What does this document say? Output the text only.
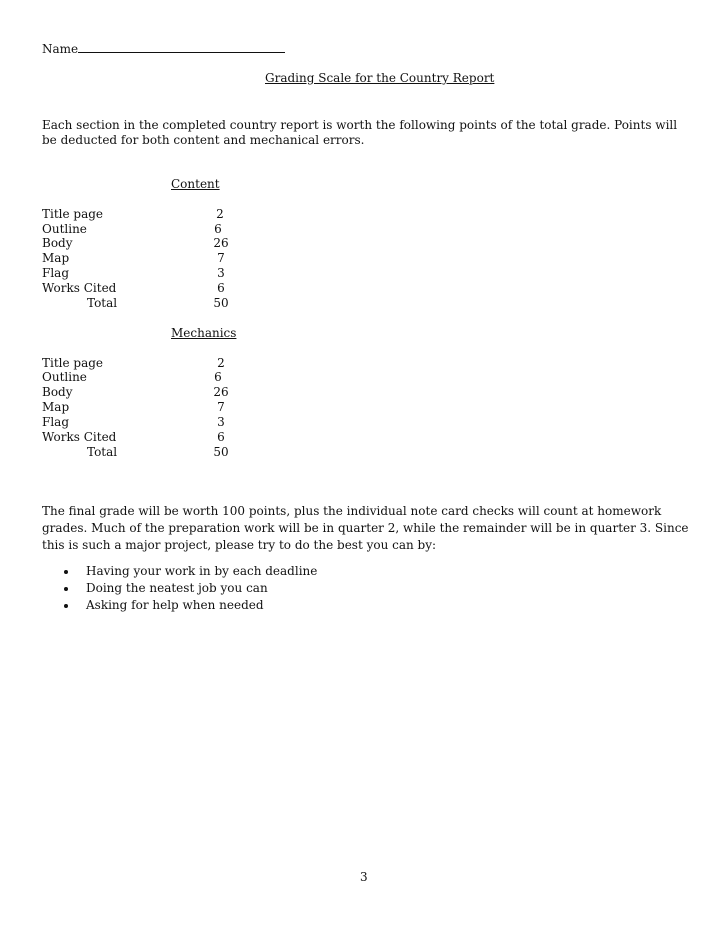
Name
Grading Scale for the Country Report
Each section in the completed country report is worth the following points of the total grade. Points will be deducted for both content and mechanical errors.
Content
Title page	2
Outline	6
Body	26
Map	7
Flag	3
Works Cited	6
Total	50
Mechanics
Title page	2
Outline	6
Body	26
Map	7
Flag	3
Works Cited	6
Total	50
The final grade will be worth 100 points, plus the individual note card checks will count at homework grades. Much of the preparation work will be in quarter 2, while the remainder will be in quarter 3. Since this is such a major project, please try to do the best you can by:
Having your work in by each deadline
Doing the neatest job you can
Asking for help when needed
3
